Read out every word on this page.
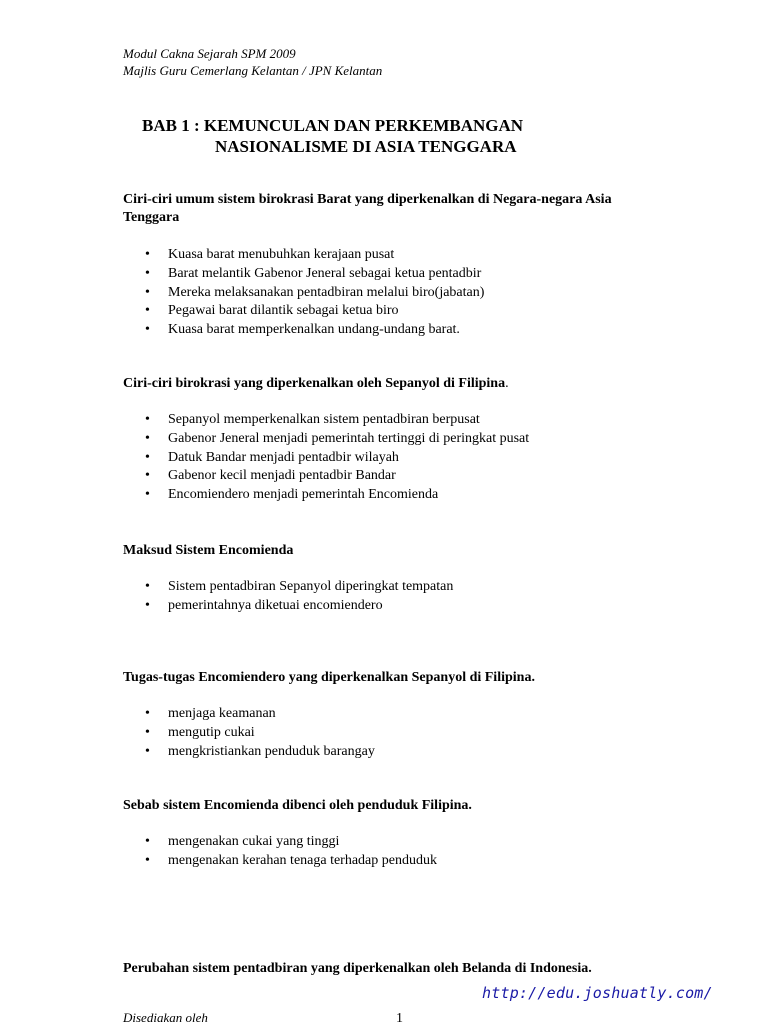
Modul Cakna Sejarah SPM 2009
Majlis Guru Cemerlang Kelantan / JPN Kelantan
BAB 1 : KEMUNCULAN DAN PERKEMBANGAN
NASIONALISME DI ASIA TENGGARA
Ciri-ciri umum sistem birokrasi Barat yang diperkenalkan di Negara-negara Asia Tenggara
• Kuasa barat menubuhkan kerajaan pusat
• Barat melantik Gabenor Jeneral sebagai ketua pentadbir
• Mereka melaksanakan pentadbiran melalui biro(jabatan)
• Pegawai barat dilantik sebagai ketua biro
• Kuasa barat memperkenalkan undang-undang barat.
Ciri-ciri birokrasi yang diperkenalkan oleh Sepanyol di Filipina.
• Sepanyol memperkenalkan sistem pentadbiran berpusat
• Gabenor Jeneral menjadi pemerintah tertinggi di peringkat pusat
• Datuk Bandar menjadi pentadbir wilayah
• Gabenor kecil menjadi pentadbir Bandar
• Encomiendero menjadi pemerintah Encomienda
Maksud Sistem Encomienda
• Sistem pentadbiran Sepanyol diperingkat tempatan
• pemerintahnya diketuai encomiendero
Tugas-tugas Encomiendero yang diperkenalkan Sepanyol di Filipina.
• menjaga keamanan
• mengutip cukai
• mengkristiankan penduduk barangay
Sebab sistem Encomienda dibenci oleh penduduk Filipina.
• mengenakan cukai yang tinggi
• mengenakan kerahan tenaga terhadap penduduk
Perubahan sistem pentadbiran yang diperkenalkan oleh Belanda di Indonesia.
http://edu.joshuatly.com/
Disediakan oleh	1
